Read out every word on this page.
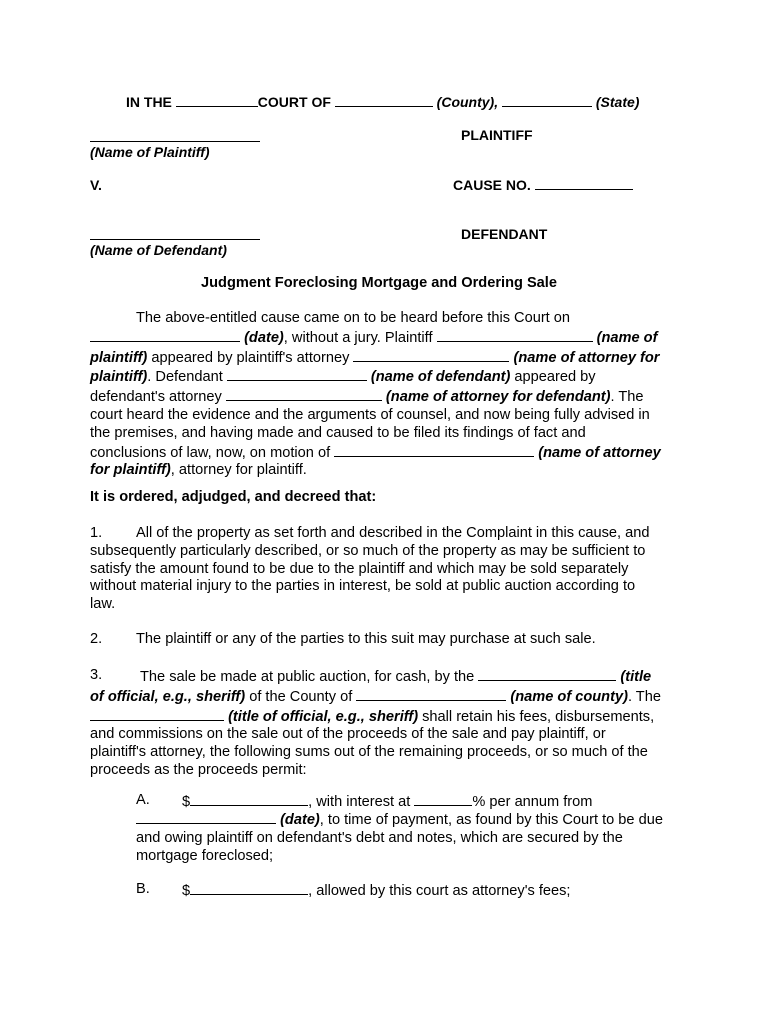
IN THE	COURT OF	(County),	(State)
PLAINTIFF
(Name of Plaintiff)
V.	CAUSE NO.
DEFENDANT
(Name of Defendant)
Judgment Foreclosing Mortgage and Ordering Sale
The above-entitled cause came on to be heard before this Court on
(date), without a jury. Plaintiff	(name of
plaintiff) appeared by plaintiff's attorney	(name of attorney for
plaintiff). Defendant	(name of defendant) appeared by
defendant's attorney	(name of attorney for defendant). The
court heard the evidence and the arguments of counsel, and now being fully advised in
the premises, and having made and caused to be filed its findings of fact and
conclusions of law, now, on motion of	(name of attorney
for plaintiff), attorney for plaintiff.
It is ordered, adjudged, and decreed that:
1.	All of the property as set forth and described in the Complaint in this cause, and
subsequently particularly described, or so much of the property as may be sufficient to
satisfy the amount found to be due to the plaintiff and which may be sold separately
without material injury to the parties in interest, be sold at public auction according to
law.
2. The plaintiff or any of the parties to this suit may purchase at such sale.
3.	The sale be made at public auction, for cash, by the	(title
of official, e.g., sheriff) of the County of	(name of county). The
(title of official, e.g., sheriff) shall retain his fees, disbursements,
and commissions on the sale out of the proceeds of the sale and pay plaintiff, or
plaintiff's attorney, the following sums out of the remaining proceeds, or so much of the
proceeds as the proceeds permit:
A. $	, with interest at	% per annum from
(date), to time of payment, as found by this Court to be due
and owing plaintiff on defendant's debt and notes, which are secured by the
mortgage foreclosed;
B. $	, allowed by this court as attorney's fees;
